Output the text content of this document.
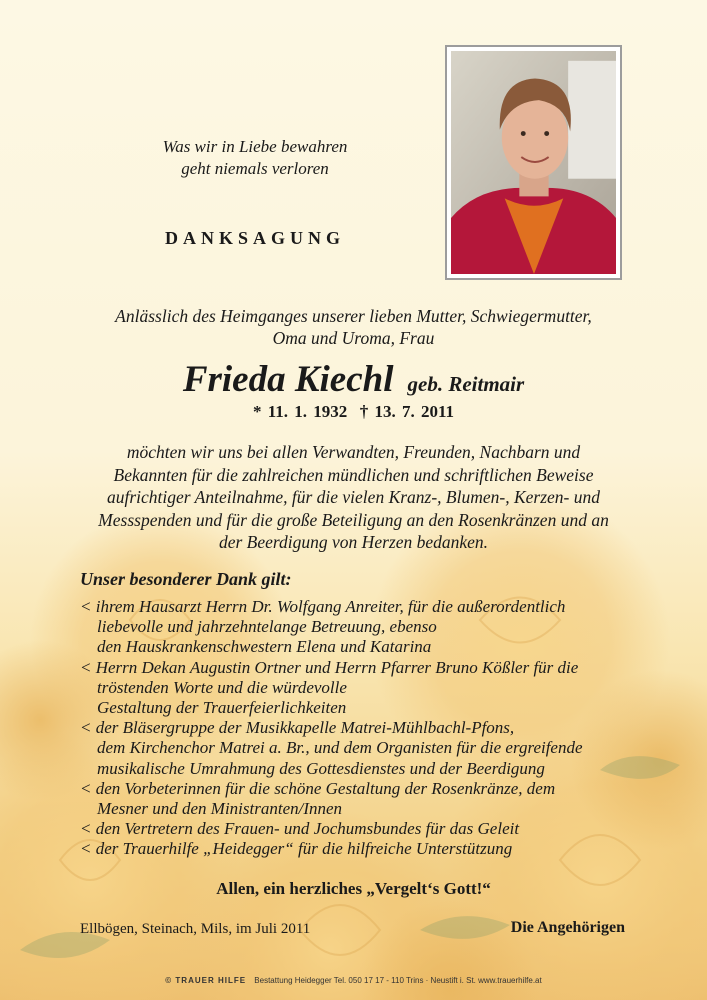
Was wir in Liebe bewahren
geht niemals verloren
DANKSAGUNG
Anlässlich des Heimganges unserer lieben Mutter, Schwiegermutter,
Oma und Uroma, Frau
Frieda Kiechl geb. Reitmair
* 11. 1. 1932  † 13. 7. 2011
möchten wir uns bei allen Verwandten, Freunden, Nachbarn und
Bekannten für die zahlreichen mündlichen und schriftlichen Beweise
aufrichtiger Anteilnahme, für die vielen Kranz-, Blumen-, Kerzen- und
Messspenden und für die große Beteiligung an den Rosenkränzen und an
der Beerdigung von Herzen bedanken.
Unser besonderer Dank gilt:
< ihrem Hausarzt Herrn Dr. Wolfgang Anreiter, für die außerordentlich
liebevolle und jahrzehntelange Betreuung, ebenso
den Hauskrankenschwestern Elena und Katarina
< Herrn Dekan Augustin Ortner und Herrn Pfarrer Bruno Kößler für die
tröstenden Worte und die würdevolle
Gestaltung der Trauerfeierlichkeiten
< der Bläsergruppe der Musikkapelle Matrei-Mühlbachl-Pfons,
dem Kirchenchor Matrei a. Br., und dem Organisten für die ergreifende
musikalische Umrahmung des Gottesdienstes und der Beerdigung
< den Vorbeterinnen für die schöne Gestaltung der Rosenkränze, dem
Mesner und den Ministranten/Innen
< den Vertretern des Frauen- und Jochumsbundes für das Geleit
< der Trauerhilfe „Heidegger“ für die hilfreiche Unterstützung
Allen, ein herzliches „Vergelt‘s Gott!“
Ellbögen, Steinach, Mils, im Juli 2011	Die Angehörigen
© TRAUER HILFE Bestattung Heidegger Tel. 050 17 17 - 110 Trins · Neustift i. St. www.trauerhilfe.at
